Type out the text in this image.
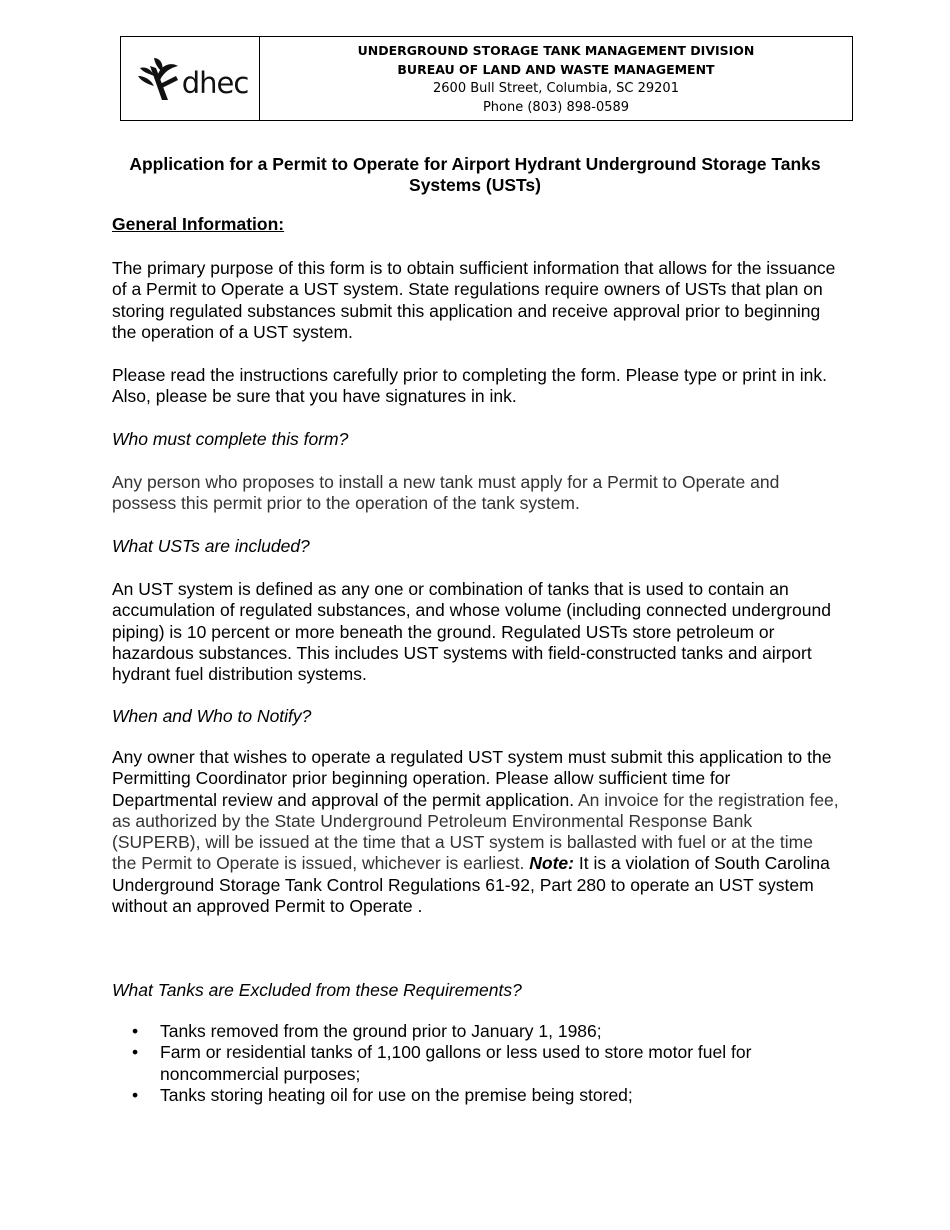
dhec
UNDERGROUND STORAGE TANK MANAGEMENT DIVISION
BUREAU OF LAND AND WASTE MANAGEMENT
2600 Bull Street, Columbia, SC 29201
Phone (803) 898-0589
Application for a Permit to Operate for Airport Hydrant Underground Storage Tanks Systems (USTs)
General Information:

The primary purpose of this form is to obtain sufficient information that allows for the issuance of a Permit to Operate a UST system. State regulations require owners of USTs that plan on storing regulated substances submit this application and receive approval prior to beginning the operation of a UST system.

Please read the instructions carefully prior to completing the form. Please type or print in ink. Also, please be sure that you have signatures in ink.

Who must complete this form?

Any person who proposes to install a new tank must apply for a Permit to Operate and possess this permit prior to the operation of the tank system.

What USTs are included?

An UST system is defined as any one or combination of tanks that is used to contain an accumulation of regulated substances, and whose volume (including connected underground piping) is 10 percent or more beneath the ground. Regulated USTs store petroleum or hazardous substances. This includes UST systems with field-constructed tanks and airport hydrant fuel distribution systems.

When and Who to Notify?

Any owner that wishes to operate a regulated UST system must submit this application to the Permitting Coordinator prior beginning operation. Please allow sufficient time for Departmental review and approval of the permit application. An invoice for the registration fee, as authorized by the State Underground Petroleum Environmental Response Bank (SUPERB), will be issued at the time that a UST system is ballasted with fuel or at the time the Permit to Operate is issued, whichever is earliest. Note: It is a violation of South Carolina Underground Storage Tank Control Regulations 61-92, Part 280 to operate an UST system without an approved Permit to Operate .

What Tanks are Excluded from these Requirements?

• Tanks removed from the ground prior to January 1, 1986;
• Farm or residential tanks of 1,100 gallons or less used to store motor fuel for noncommercial purposes;
• Tanks storing heating oil for use on the premise being stored;
